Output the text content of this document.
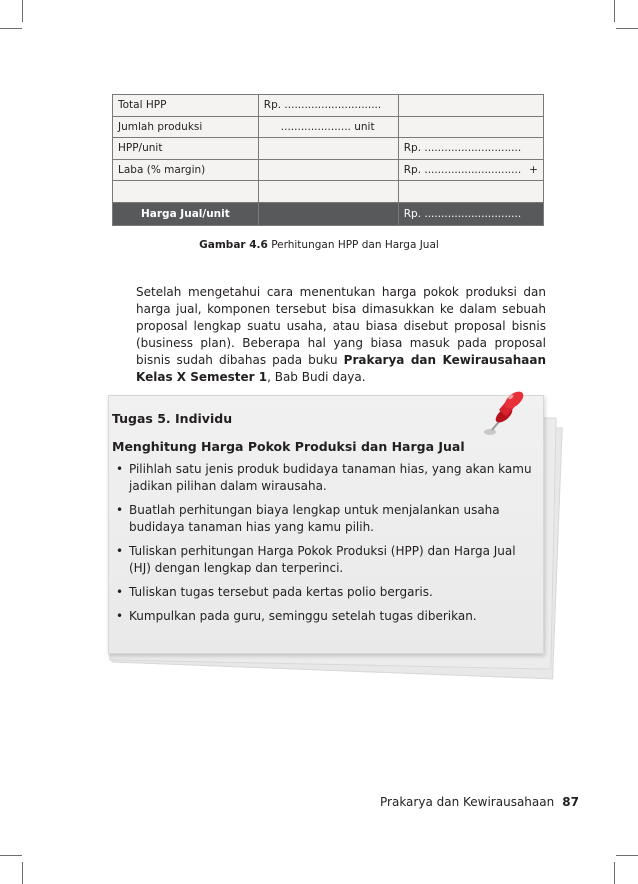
Total HPP	Rp. .............................	
Jumlah produksi	..................... unit	
HPP/unit		Rp. .............................
Laba (% margin)		Rp. ............................. +

Harga Jual/unit		Rp. .............................
Gambar 4.6 Perhitungan HPP dan Harga Jual

Setelah mengetahui cara menentukan harga pokok produksi dan harga jual, komponen tersebut bisa dimasukkan ke dalam sebuah proposal lengkap suatu usaha, atau biasa disebut proposal bisnis (business plan). Beberapa hal yang biasa masuk pada proposal bisnis sudah dibahas pada buku Prakarya dan Kewirausahaan Kelas X Semester 1, Bab Budi daya.

Tugas 5. Individu
Menghitung Harga Pokok Produksi dan Harga Jual
• Pilihlah satu jenis produk budidaya tanaman hias, yang akan kamu jadikan pilihan dalam wirausaha.
• Buatlah perhitungan biaya lengkap untuk menjalankan usaha budidaya tanaman hias yang kamu pilih.
• Tuliskan perhitungan Harga Pokok Produksi (HPP) dan Harga Jual (HJ) dengan lengkap dan terperinci.
• Tuliskan tugas tersebut pada kertas polio bergaris.
• Kumpulkan pada guru, seminggu setelah tugas diberikan.
Prakarya dan Kewirausahaan 87
